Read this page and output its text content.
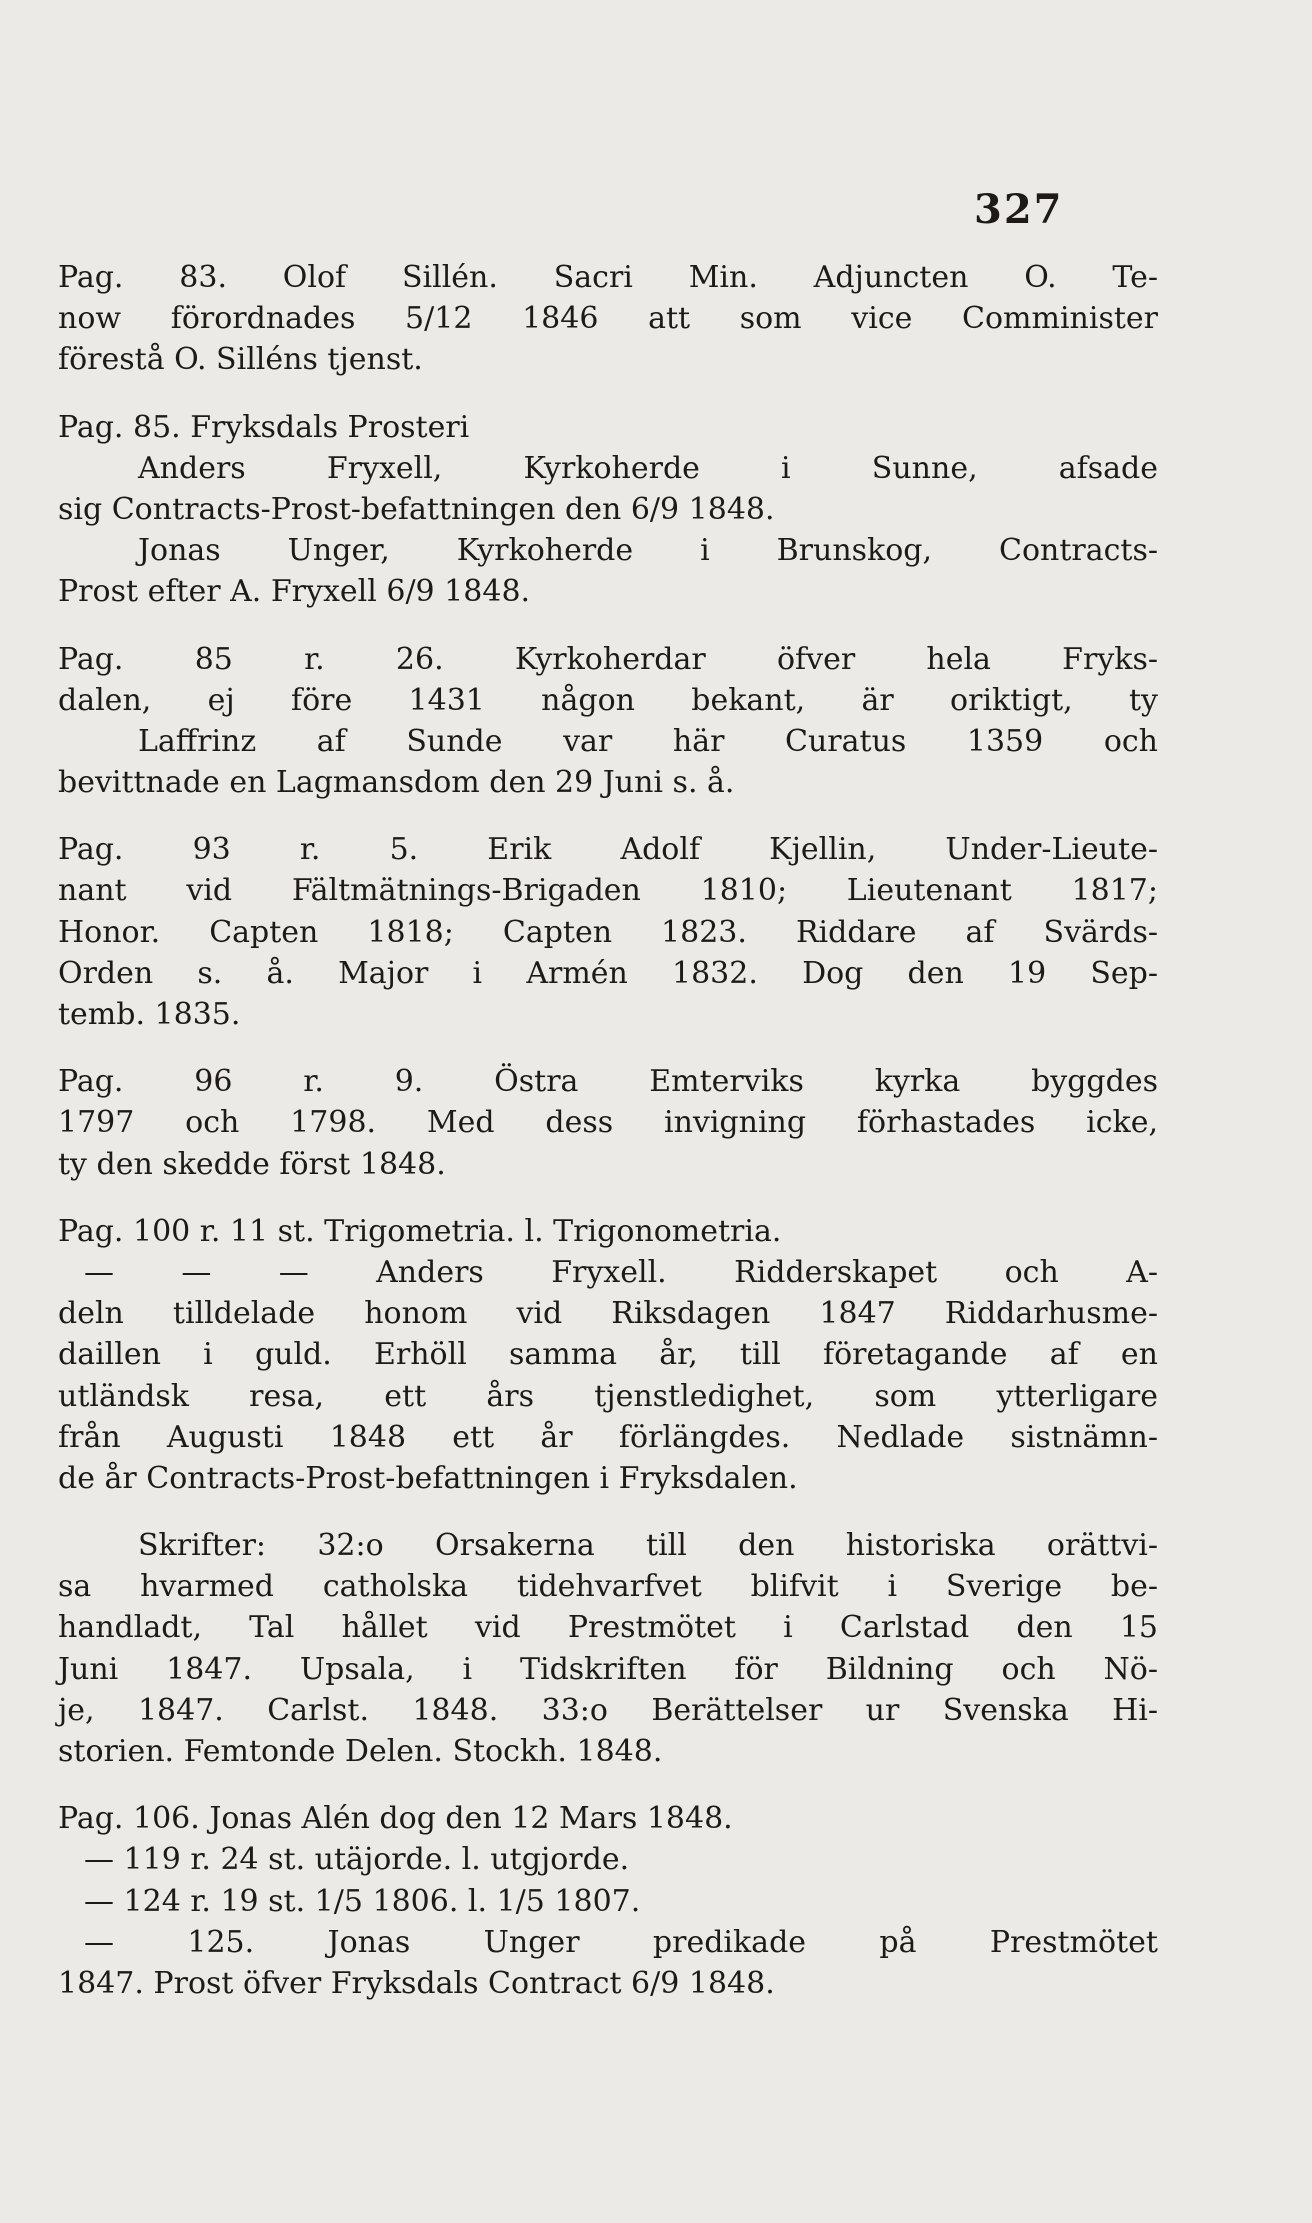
327
Pag. 83. Olof Sillén. Sacri Min. Adjuncten O. Te-
now förordnades 5/12 1846 att som vice Comminister
förestå O. Silléns tjenst.
Pag. 85. Fryksdals Prosteri
Anders Fryxell, Kyrkoherde i Sunne, afsade
sig Contracts-Prost-befattningen den 6/9 1848.
Jonas Unger, Kyrkoherde i Brunskog, Contracts-
Prost efter A. Fryxell 6/9 1848.
Pag. 85 r. 26. Kyrkoherdar öfver hela Fryks-
dalen, ej före 1431 någon bekant, är oriktigt, ty
Laffrinz af Sunde var här Curatus 1359 och
bevittnade en Lagmansdom den 29 Juni s. å.
Pag. 93 r. 5. Erik Adolf Kjellin, Under-Lieute-
nant vid Fältmätnings-Brigaden 1810; Lieutenant 1817;
Honor. Capten 1818; Capten 1823. Riddare af Svärds-
Orden s. å. Major i Armén 1832. Dog den 19 Sep-
temb. 1835.
Pag. 96 r. 9. Östra Emterviks kyrka byggdes
1797 och 1798. Med dess invigning förhastades icke,
ty den skedde först 1848.
Pag. 100 r. 11 st. Trigometria. l. Trigonometria.
— — — Anders Fryxell. Ridderskapet och A-
deln tilldelade honom vid Riksdagen 1847 Riddarhusme-
daillen i guld. Erhöll samma år, till företagande af en
utländsk resa, ett års tjenstledighet, som ytterligare
från Augusti 1848 ett år förlängdes. Nedlade sistnämn-
de år Contracts-Prost-befattningen i Fryksdalen.
Skrifter: 32:o Orsakerna till den historiska orättvi-
sa hvarmed catholska tidehvarfvet blifvit i Sverige be-
handladt, Tal hållet vid Prestmötet i Carlstad den 15
Juni 1847. Upsala, i Tidskriften för Bildning och Nö-
je, 1847. Carlst. 1848. 33:o Berättelser ur Svenska Hi-
storien. Femtonde Delen. Stockh. 1848.
Pag. 106. Jonas Alén dog den 12 Mars 1848.
— 119 r. 24 st. utäjorde. l. utgjorde.
— 124 r. 19 st. 1/5 1806. l. 1/5 1807.
— 125. Jonas Unger predikade på Prestmötet
1847. Prost öfver Fryksdals Contract 6/9 1848.
